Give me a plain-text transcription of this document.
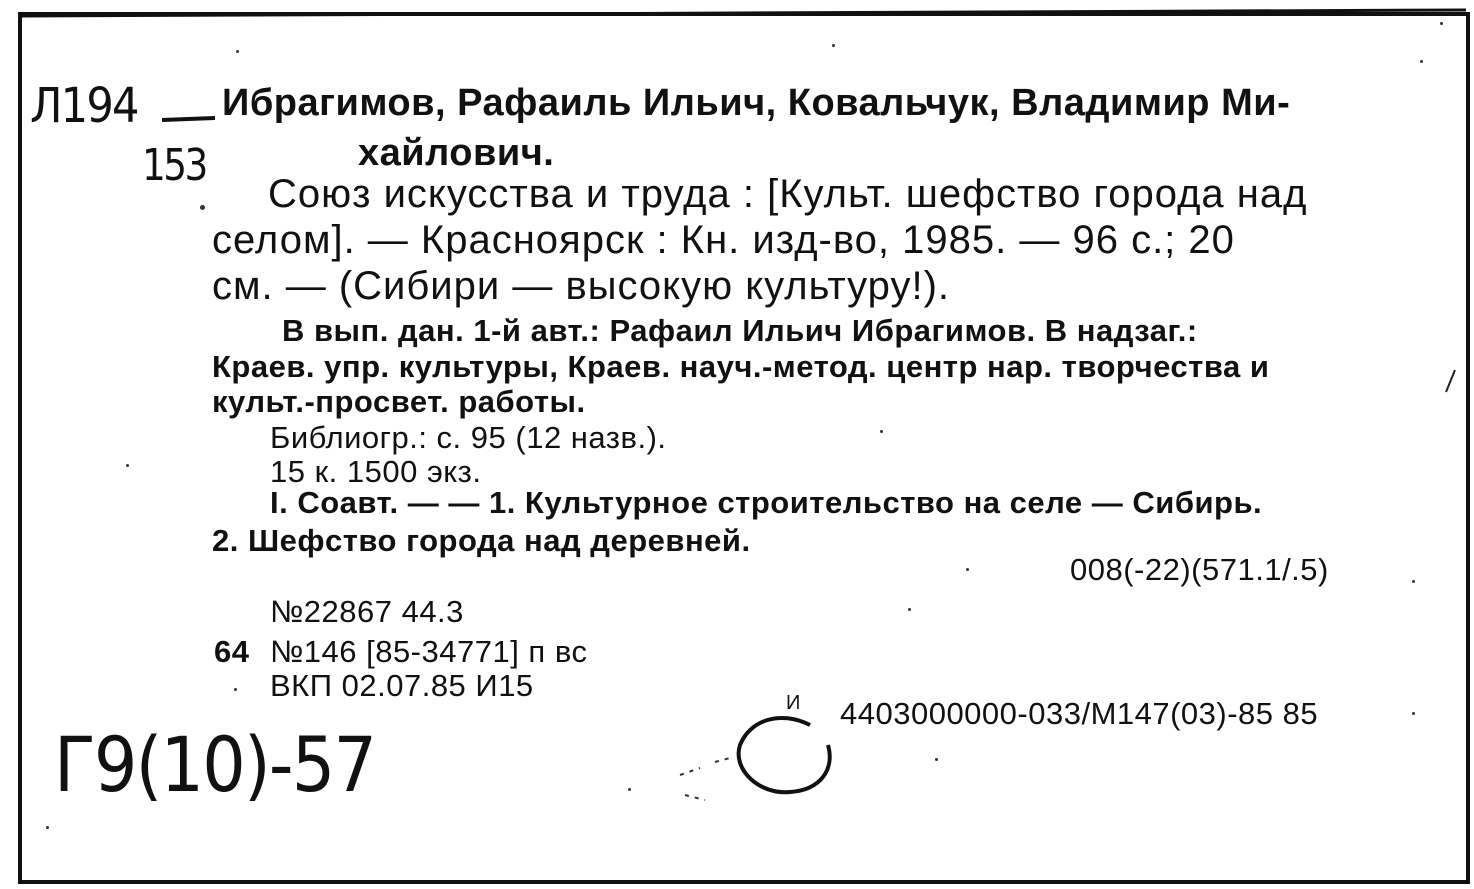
Л194
153
Ибрагимов, Рафаиль Ильич, Ковальчук, Владимир Ми-
хайлович.
Союз искусства и труда : [Культ. шефство города над
селом]. — Красноярск : Кн. изд-во, 1985. — 96 с.; 20
см. — (Сибири — высокую культуру!).
В вып. дан. 1-й авт.: Рафаил Ильич Ибрагимов. В надзаг.:
Краев. упр. культуры, Краев. науч.-метод. центр нар. творчества и
культ.-просвет. работы.
Библиогр.: с. 95 (12 назв.).
15 к. 1500 экз.
I. Соавт. — — 1. Культурное строительство на селе — Сибирь.
2. Шефство города над деревней.
008(-22)(571.1/.5)
№22867 44.3
64 №146 [85-34771] п вс
ВКП 02.07.85 И15	И 4403000000-033/М147(03)-85 85
Г9(10)-57
